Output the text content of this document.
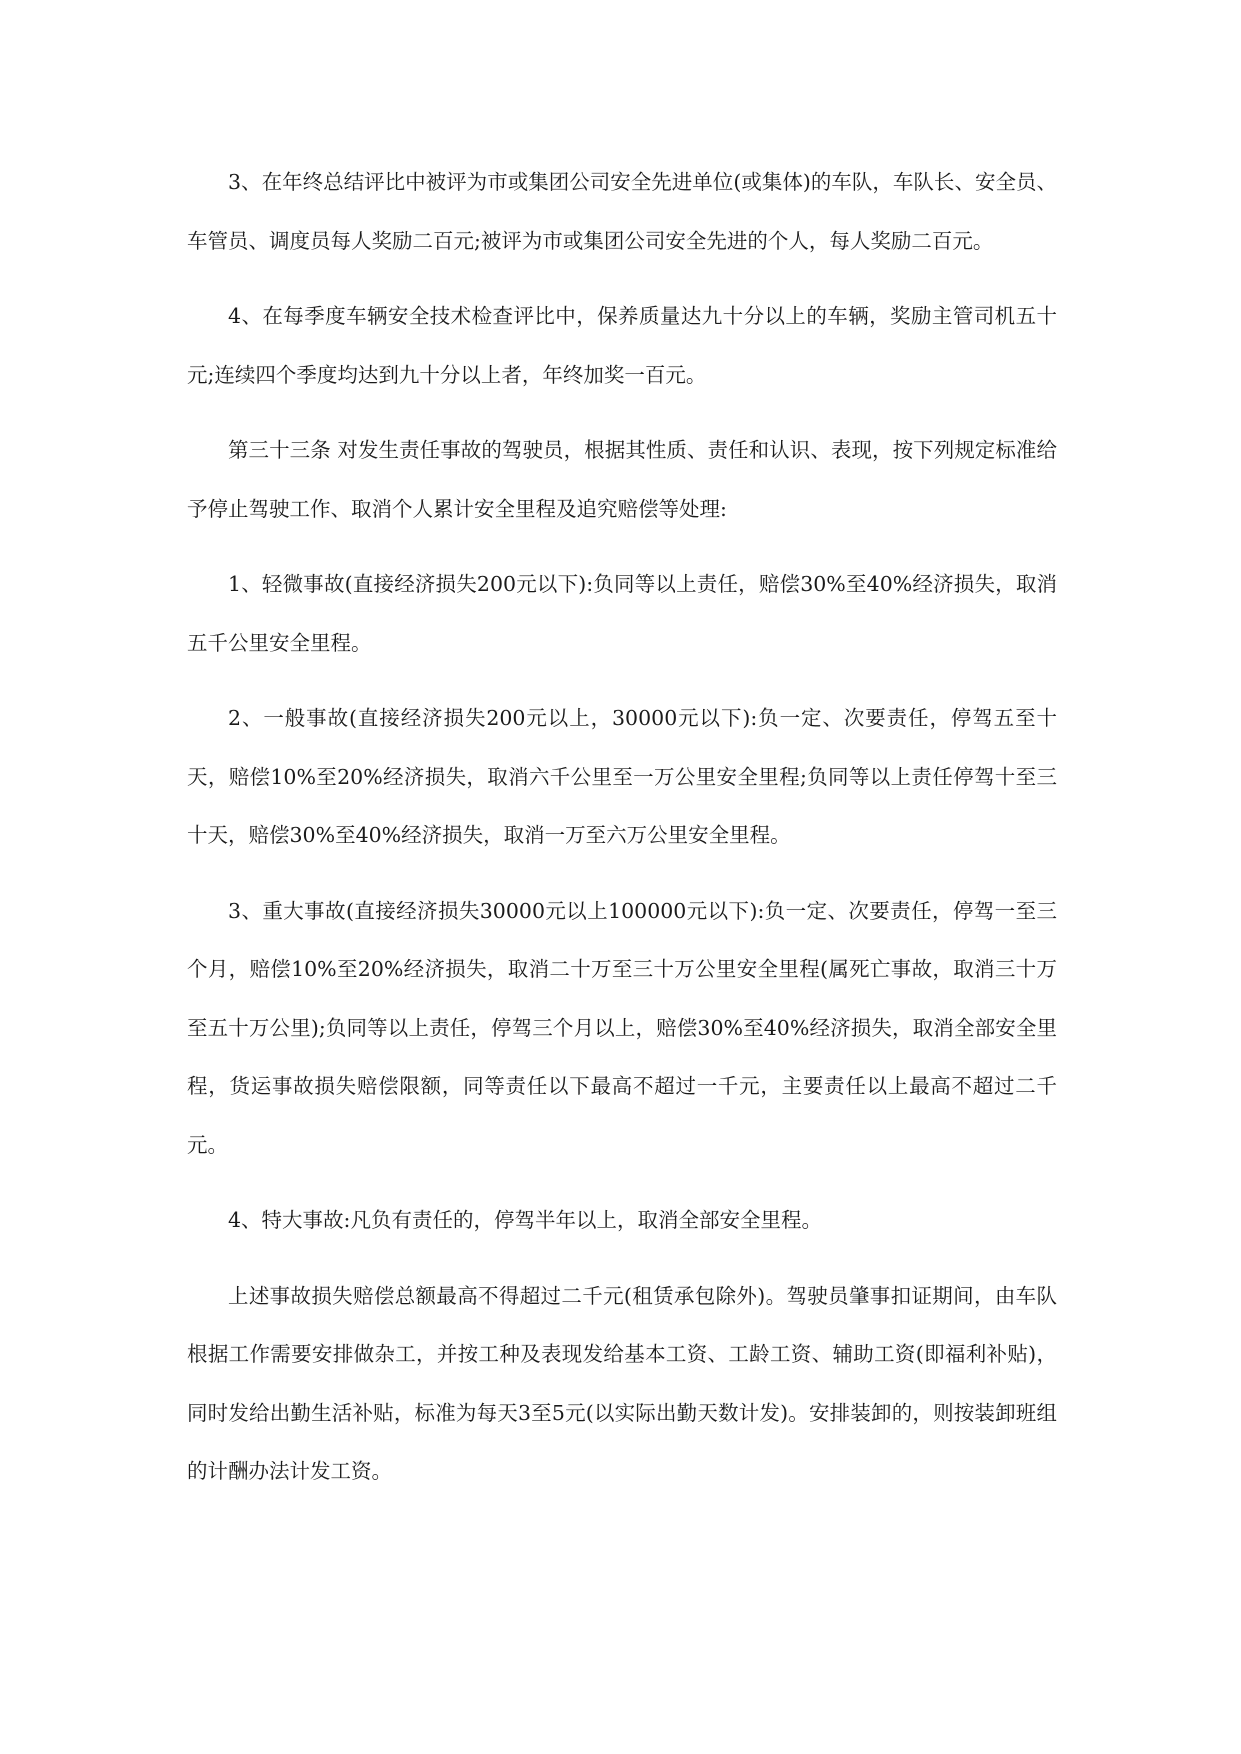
3、在年终总结评比中被评为市或集团公司安全先进单位(或集体)的车队，车队长、安全员、车管员、调度员每人奖励二百元;被评为市或集团公司安全先进的个人，每人奖励二百元。

4、在每季度车辆安全技术检查评比中，保养质量达九十分以上的车辆，奖励主管司机五十元;连续四个季度均达到九十分以上者，年终加奖一百元。

第三十三条 对发生责任事故的驾驶员，根据其性质、责任和认识、表现，按下列规定标准给予停止驾驶工作、取消个人累计安全里程及追究赔偿等处理:

1、轻微事故(直接经济损失200元以下):负同等以上责任，赔偿30%至40%经济损失，取消五千公里安全里程。

2、一般事故(直接经济损失200元以上，30000元以下):负一定、次要责任，停驾五至十天，赔偿10%至20%经济损失，取消六千公里至一万公里安全里程;负同等以上责任停驾十至三十天，赔偿30%至40%经济损失，取消一万至六万公里安全里程。

3、重大事故(直接经济损失30000元以上100000元以下):负一定、次要责任，停驾一至三个月，赔偿10%至20%经济损失，取消二十万至三十万公里安全里程(属死亡事故，取消三十万至五十万公里);负同等以上责任，停驾三个月以上，赔偿30%至40%经济损失，取消全部安全里程，货运事故损失赔偿限额，同等责任以下最高不超过一千元，主要责任以上最高不超过二千元。

4、特大事故:凡负有责任的，停驾半年以上，取消全部安全里程。

上述事故损失赔偿总额最高不得超过二千元(租赁承包除外)。驾驶员肇事扣证期间，由车队根据工作需要安排做杂工，并按工种及表现发给基本工资、工龄工资、辅助工资(即福利补贴)，同时发给出勤生活补贴，标准为每天3至5元(以实际出勤天数计发)。安排装卸的，则按装卸班组的计酬办法计发工资。
